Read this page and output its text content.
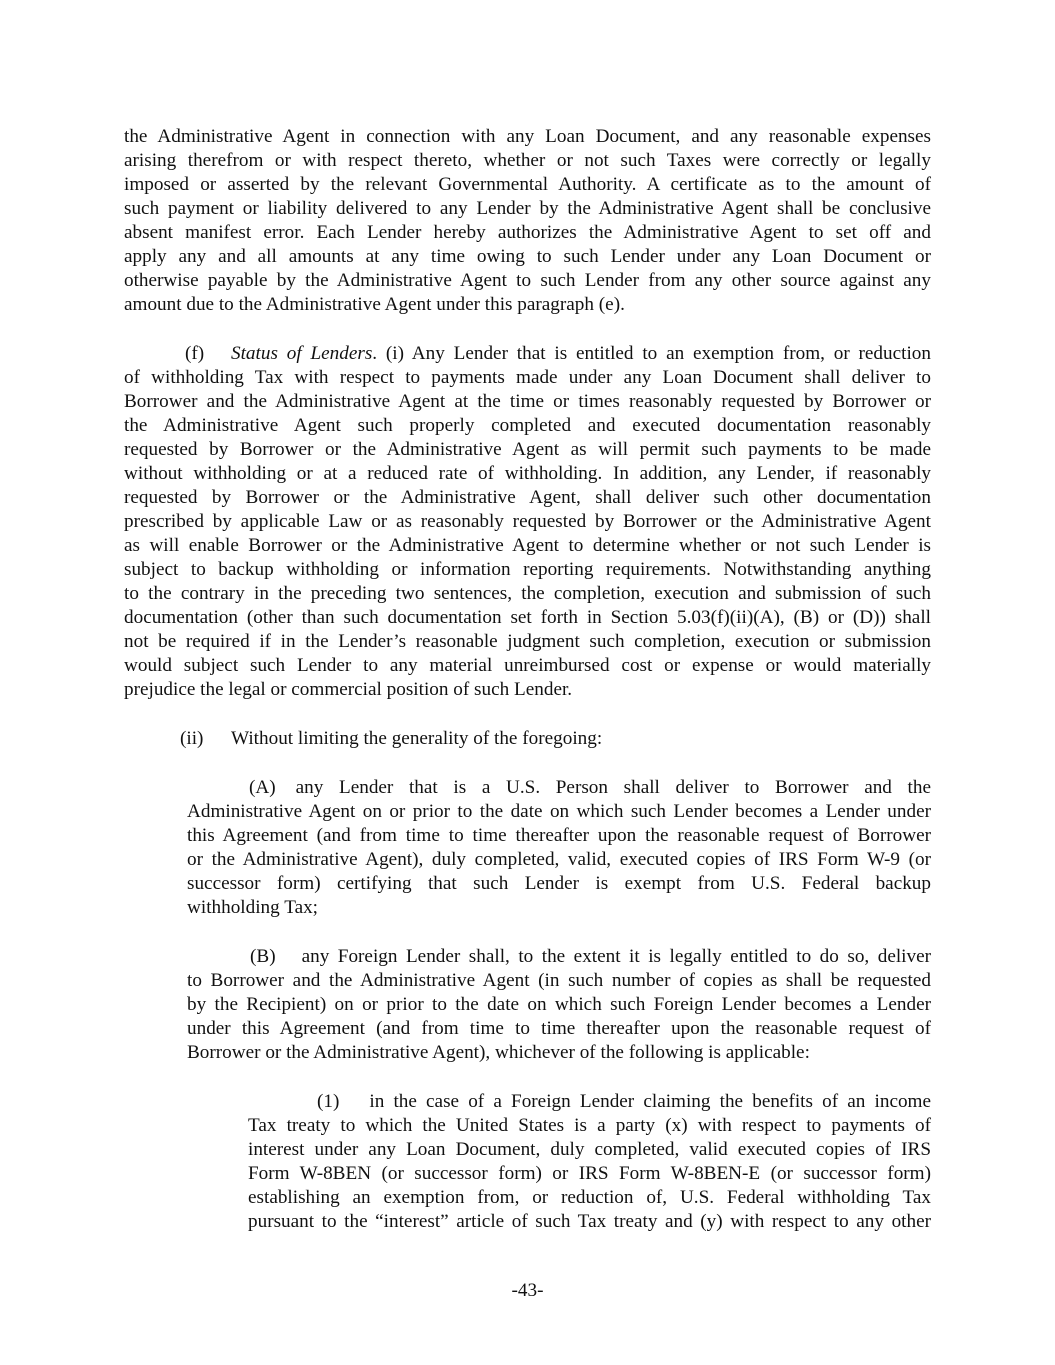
the Administrative Agent in connection with any Loan Document, and any reasonable expenses
arising therefrom or with respect thereto, whether or not such Taxes were correctly or legally
imposed or asserted by the relevant Governmental Authority. A certificate as to the amount of
such payment or liability delivered to any Lender by the Administrative Agent shall be conclusive
absent manifest error. Each Lender hereby authorizes the Administrative Agent to set off and
apply any and all amounts at any time owing to such Lender under any Loan Document or
otherwise payable by the Administrative Agent to such Lender from any other source against any
amount due to the Administrative Agent under this paragraph (e).
(f) Status of Lenders. (i) Any Lender that is entitled to an exemption from, or reduction
of withholding Tax with respect to payments made under any Loan Document shall deliver to
Borrower and the Administrative Agent at the time or times reasonably requested by Borrower or
the Administrative Agent such properly completed and executed documentation reasonably
requested by Borrower or the Administrative Agent as will permit such payments to be made
without withholding or at a reduced rate of withholding. In addition, any Lender, if reasonably
requested by Borrower or the Administrative Agent, shall deliver such other documentation
prescribed by applicable Law or as reasonably requested by Borrower or the Administrative Agent
as will enable Borrower or the Administrative Agent to determine whether or not such Lender is
subject to backup withholding or information reporting requirements. Notwithstanding anything
to the contrary in the preceding two sentences, the completion, execution and submission of such
documentation (other than such documentation set forth in Section 5.03(f)(ii)(A), (B) or (D)) shall
not be required if in the Lender’s reasonable judgment such completion, execution or submission
would subject such Lender to any material unreimbursed cost or expense or would materially
prejudice the legal or commercial position of such Lender.
(ii) Without limiting the generality of the foregoing:
(A) any Lender that is a U.S. Person shall deliver to Borrower and the
Administrative Agent on or prior to the date on which such Lender becomes a Lender under
this Agreement (and from time to time thereafter upon the reasonable request of Borrower
or the Administrative Agent), duly completed, valid, executed copies of IRS Form W-9 (or
successor form) certifying that such Lender is exempt from U.S. Federal backup
withholding Tax;
(B) any Foreign Lender shall, to the extent it is legally entitled to do so, deliver
to Borrower and the Administrative Agent (in such number of copies as shall be requested
by the Recipient) on or prior to the date on which such Foreign Lender becomes a Lender
under this Agreement (and from time to time thereafter upon the reasonable request of
Borrower or the Administrative Agent), whichever of the following is applicable:
(1) in the case of a Foreign Lender claiming the benefits of an income
Tax treaty to which the United States is a party (x) with respect to payments of
interest under any Loan Document, duly completed, valid executed copies of IRS
Form W-8BEN (or successor form) or IRS Form W-8BEN-E (or successor form)
establishing an exemption from, or reduction of, U.S. Federal withholding Tax
pursuant to the “interest” article of such Tax treaty and (y) with respect to any other
-43-
